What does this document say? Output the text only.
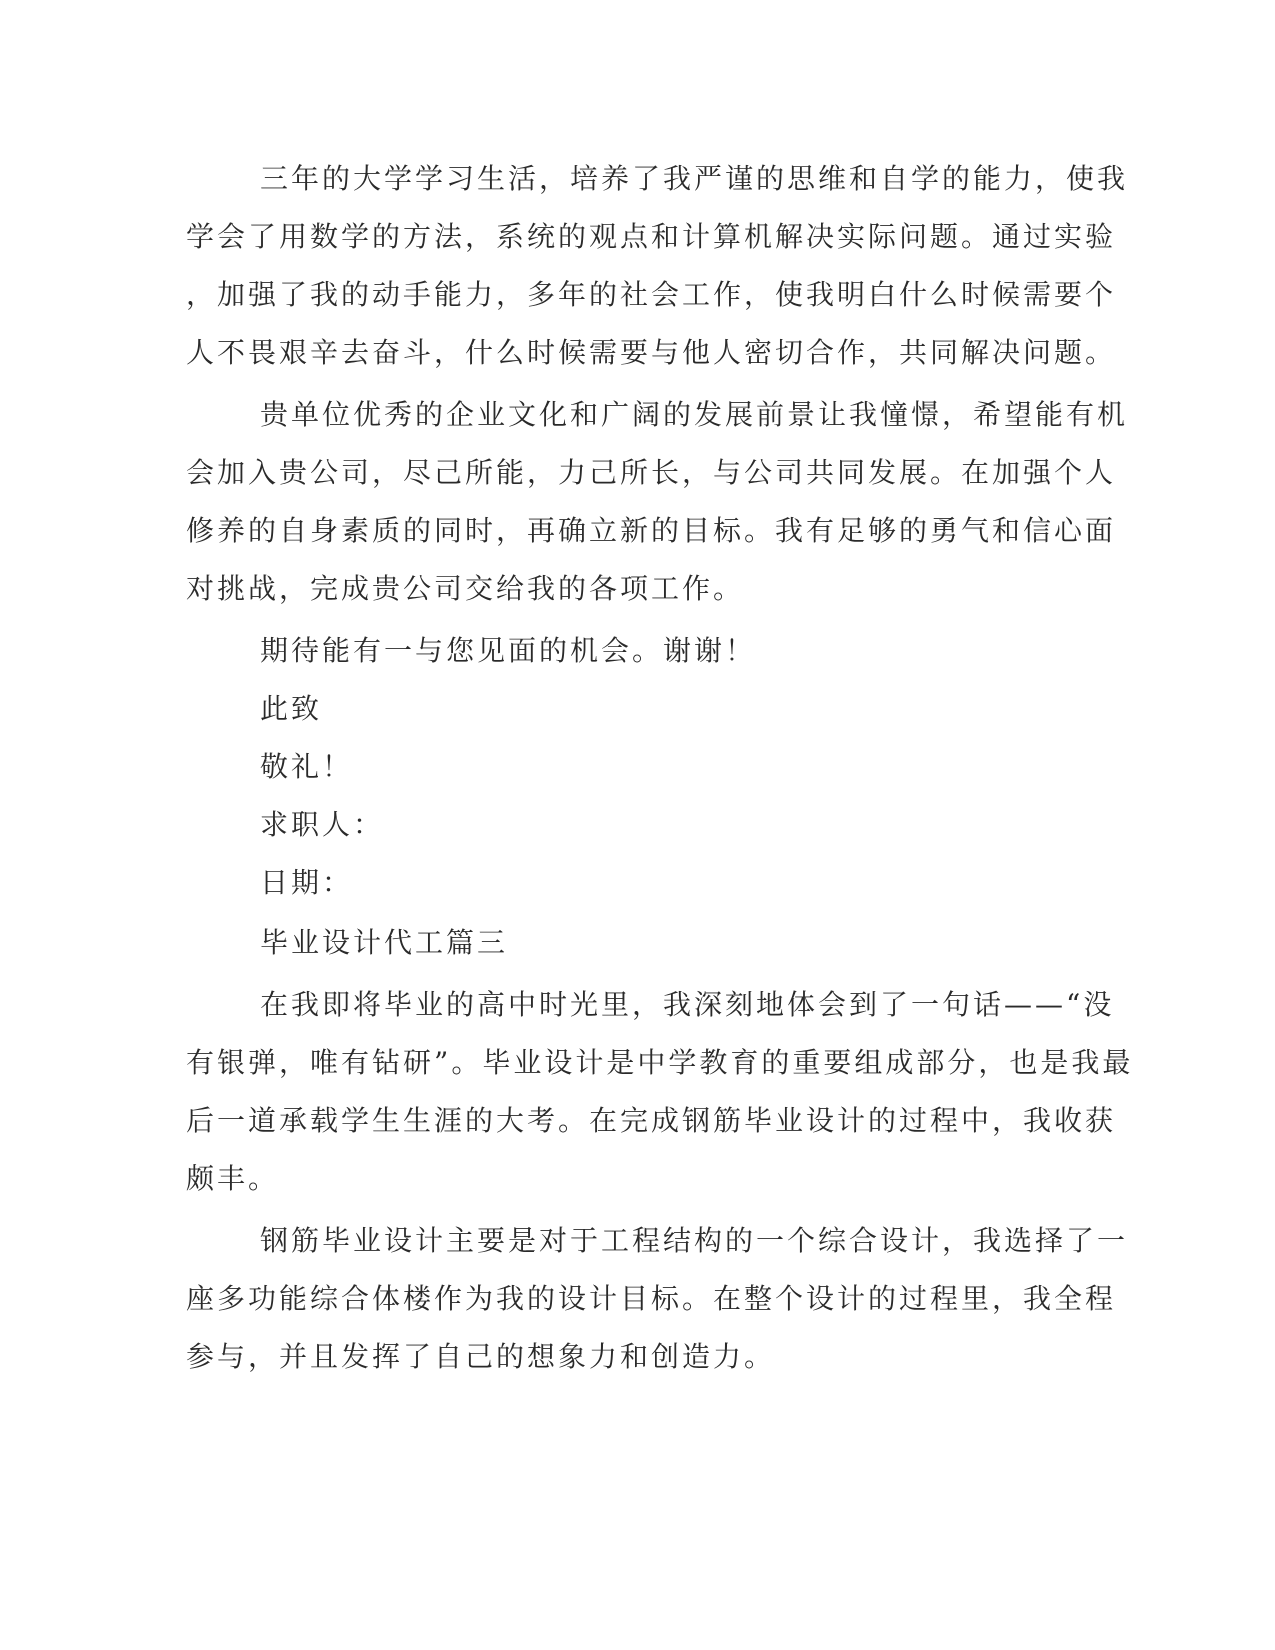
三年的大学学习生活，培养了我严谨的思维和自学的能力，使我
学会了用数学的方法，系统的观点和计算机解决实际问题。通过实验
，加强了我的动手能力，多年的社会工作，使我明白什么时候需要个
人不畏艰辛去奋斗，什么时候需要与他人密切合作，共同解决问题。
贵单位优秀的企业文化和广阔的发展前景让我憧憬，希望能有机
会加入贵公司，尽己所能，力己所长，与公司共同发展。在加强个人
修养的自身素质的同时，再确立新的目标。我有足够的勇气和信心面
对挑战，完成贵公司交给我的各项工作。
期待能有一与您见面的机会。谢谢！
此致
敬礼！
求职人：
日期：
毕业设计代工篇三
在我即将毕业的高中时光里，我深刻地体会到了一句话——“没
有银弹，唯有钻研”。毕业设计是中学教育的重要组成部分，也是我最
后一道承载学生生涯的大考。在完成钢筋毕业设计的过程中，我收获
颇丰。
钢筋毕业设计主要是对于工程结构的一个综合设计，我选择了一
座多功能综合体楼作为我的设计目标。在整个设计的过程里，我全程
参与，并且发挥了自己的想象力和创造力。
